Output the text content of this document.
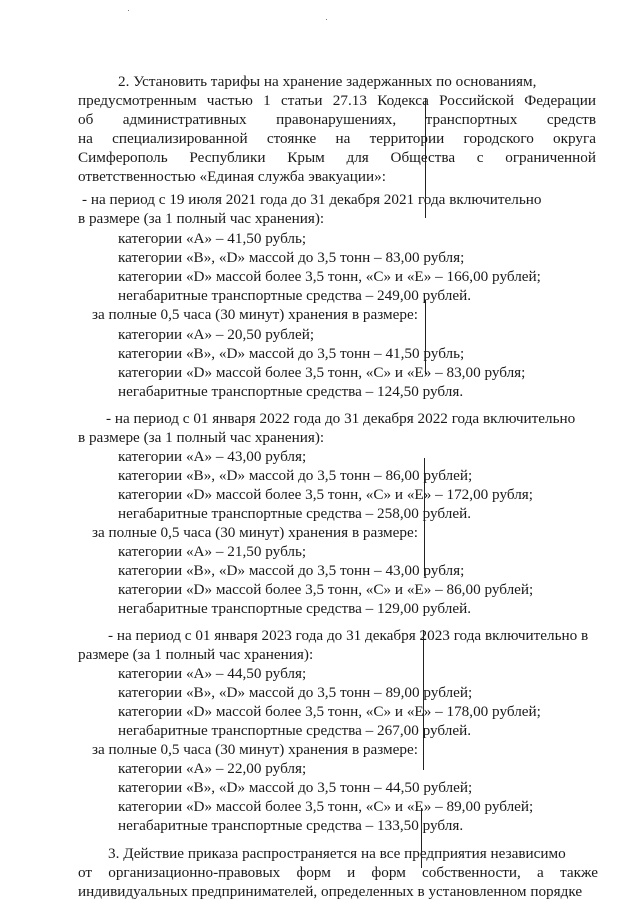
2. Установить тарифы на хранение задержанных по основаниям,
предусмотренным частью 1 статьи 27.13 Кодекса Российской Федерации
об административных правонарушениях, транспортных средств
на специализированной стоянке на территории городского округа
Симферополь Республики Крым для Общества с ограниченной
ответственностью «Единая служба эвакуации»:
- на период с 19 июля 2021 года до 31 декабря 2021 года включительно
в размере (за 1 полный час хранения):
категории «А» – 41,50 рубль;
категории «В», «D» массой до 3,5 тонн – 83,00 рубля;
категории «D» массой более 3,5 тонн, «С» и «Е» – 166,00 рублей;
негабаритные транспортные средства – 249,00 рублей.
за полные 0,5 часа (30 минут) хранения в размере:
категории «А» – 20,50 рублей;
категории «В», «D» массой до 3,5 тонн – 41,50 рубль;
категории «D» массой более 3,5 тонн, «С» и «Е» – 83,00 рубля;
негабаритные транспортные средства – 124,50 рубля.
- на период с 01 января 2022 года до 31 декабря 2022 года включительно
в размере (за 1 полный час хранения):
категории «А» – 43,00 рубля;
категории «В», «D» массой до 3,5 тонн – 86,00 рублей;
категории «D» массой более 3,5 тонн, «С» и «Е» – 172,00 рубля;
негабаритные транспортные средства – 258,00 рублей.
за полные 0,5 часа (30 минут) хранения в размере:
категории «А» – 21,50 рубль;
категории «В», «D» массой до 3,5 тонн – 43,00 рубля;
категории «D» массой более 3,5 тонн, «С» и «Е» – 86,00 рублей;
негабаритные транспортные средства – 129,00 рублей.
- на период с 01 января 2023 года до 31 декабря 2023 года включительно в
размере (за 1 полный час хранения):
категории «А» – 44,50 рубля;
категории «В», «D» массой до 3,5 тонн – 89,00 рублей;
категории «D» массой более 3,5 тонн, «С» и «Е» – 178,00 рублей;
негабаритные транспортные средства – 267,00 рублей.
за полные 0,5 часа (30 минут) хранения в размере:
категории «А» – 22,00 рубля;
категории «В», «D» массой до 3,5 тонн – 44,50 рублей;
категории «D» массой более 3,5 тонн, «С» и «Е» – 89,00 рублей;
негабаритные транспортные средства – 133,50 рубля.
3. Действие приказа распространяется на все предприятия независимо
от организационно-правовых форм и форм собственности, а также
индивидуальных предпринимателей, определенных в установленном порядке
